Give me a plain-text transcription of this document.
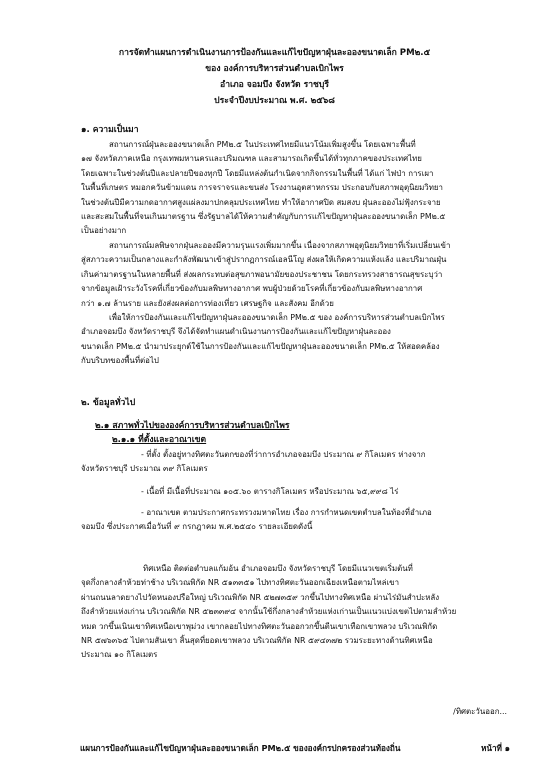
การจัดทำแผนการดำเนินงานการป้องกันและแก้ไขปัญหาฝุ่นละอองขนาดเล็ก PM๒.๕
ของ องค์การบริหารส่วนตำบลเบิกไพร
อำเภอ จอมบึง จังหวัด ราชบุรี
ประจำปีงบประมาณ พ.ศ. ๒๕๖๘
๑. ความเป็นมา
สถานการณ์ฝุ่นละอองขนาดเล็ก PM๒.๕ ในประเทศไทยมีแนวโน้มเพิ่มสูงขึ้น โดยเฉพาะพื้นที่
๑๗ จังหวัดภาคเหนือ กรุงเทพมหานครและปริมณฑล และสามารถเกิดขึ้นได้ทั่วทุกภาคของประเทศไทย
โดยเฉพาะในช่วงต้นปีและปลายปีของทุกปี โดยมีแหล่งต้นกำเนิดจากกิจกรรมในพื้นที่ ได้แก่ ไฟป่า การเผา
ในพื้นที่เกษตร หมอกควันข้ามแดน การจราจรและขนส่ง โรงงานอุตสาหกรรม ประกอบกับสภาพอุตุนิยมวิทยา
ในช่วงต้นปีมีความกดอากาศสูงแผ่ลงมาปกคลุมประเทศไทย ทำให้อากาศปิด สมสงบ ฝุ่นละอองไม่ฟุ้งกระจาย
และสะสมในพื้นที่จนเกินมาตรฐาน ซึ่งรัฐบาลได้ให้ความสำคัญกับการแก้ไขปัญหาฝุ่นละอองขนาดเล็ก PM๒.๕
เป็นอย่างมาก
สถานการณ์มลพิษจากฝุ่นละอองมีความรุนแรงเพิ่มมากขึ้น เนื่องจากสภาพอุตุนิยมวิทยาที่เริ่มเปลี่ยนเข้า
สู่สภาวะความเป็นกลางและกำลังพัฒนาเข้าสู่ปรากฏการณ์เอลนีโญ ส่งผลให้เกิดความแห้งแล้ง และปริมาณฝุ่น
เกินค่ามาตรฐานในหลายพื้นที่ ส่งผลกระทบต่อสุขภาพอนามัยของประชาชน โดยกระทรวงสาธารณสุขระบุว่า
จากข้อมูลเฝ้าระวังโรคที่เกี่ยวข้องกับมลพิษทางอากาศ พบผู้ป่วยด้วยโรคที่เกี่ยวข้องกับมลพิษทางอากาศ
กว่า ๑.๗ ล้านราย และยังส่งผลต่อการท่องเที่ยว เศรษฐกิจ และสังคม อีกด้วย
เพื่อให้การป้องกันและแก้ไขปัญหาฝุ่นละอองขนาดเล็ก PM๒.๕ ของ องค์การบริหารส่วนตำบลเบิกไพร
อำเภอจอมบึง จังหวัดราชบุรี จึงได้จัดทำแผนดำเนินงานการป้องกันและแก้ไขปัญหาฝุ่นละออง
ขนาดเล็ก PM๒.๕ นำมาประยุกต์ใช้ในการป้องกันและแก้ไขปัญหาฝุ่นละอองขนาดเล็ก PM๒.๕ ให้สอดคล้อง
กับบริบทของพื้นที่ต่อไป
๒. ข้อมูลทั่วไป
๒.๑ สภาพทั่วไปขององค์การบริหารส่วนตำบลเบิกไพร
๒.๑.๑ ที่ตั้งและอาณาเขต
- ที่ตั้ง ตั้งอยู่ทางทิศตะวันตกของที่ว่าการอำเภอจอมบึง ประมาณ ๙ กิโลเมตร ห่างจาก
จังหวัดราชบุรี ประมาณ ๓๙ กิโลเมตร
- เนื้อที่ มีเนื้อที่ประมาณ ๑๐๕.๖๐ ตารางกิโลเมตร หรือประมาณ ๖๕,๙๙๘ ไร่
- อาณาเขต ตามประกาศกระทรวงมหาดไทย เรื่อง การกำหนดเขตตำบลในท้องที่อำเภอ
จอมบึง ซึ่งประกาศเมื่อวันที่ ๙ กรกฎาคม พ.ศ.๒๕๔๐ รายละเอียดดังนี้
ทิศเหนือ ติดต่อตำบลแก้มอ้น อำเภอจอมบึง จังหวัดราชบุรี โดยมีแนวเขตเริ่มต้นที่
จุดกึ่งกลางลำห้วยท่าช้าง บริเวณพิกัด NR ๕๑๓๓๕๑ ไปทางทิศตะวันออกเฉียงเหนือตามไหล่เขา
ผ่านถนนลาดยางไปวัดหนองปรือใหญ่ บริเวณพิกัด NR ๕๒๗๓๕๙ วกขึ้นไปทางทิศเหนือ ผ่านไร่มันสำปะหลัง
ถึงลำห้วยแห่งเก่าน บริเวณพิกัด NR ๕๒๓๓๙๔ จากนั้นใช้กึ่งกลางลำห้วยแห่งเก่านเป็นแนวแบ่งเขตไปตามลำห้วย
หมด วกขึ้นเนินเขาทิศเหนือเขาพุม่วง เขากลอยไปทางทิศตะวันออกวกขึ้นตีนเขาเทือกเขาพลวง บริเวณพิกัด
NR ๕๗๖๓๖๕ ไปตามสันเขา สิ้นสุดที่ยอดเขาพลวง บริเวณพิกัด NR ๕๙๔๓๗๒ รวมระยะทางด้านทิศเหนือ
ประมาณ ๑๐ กิโลเมตร
/ทิศตะวันออก...
แผนการป้องกันและแก้ไขปัญหาฝุ่นละอองขนาดเล็ก PM๒.๕ ขององค์กรปกครองส่วนท้องถิ่น	หน้าที่ ๑
